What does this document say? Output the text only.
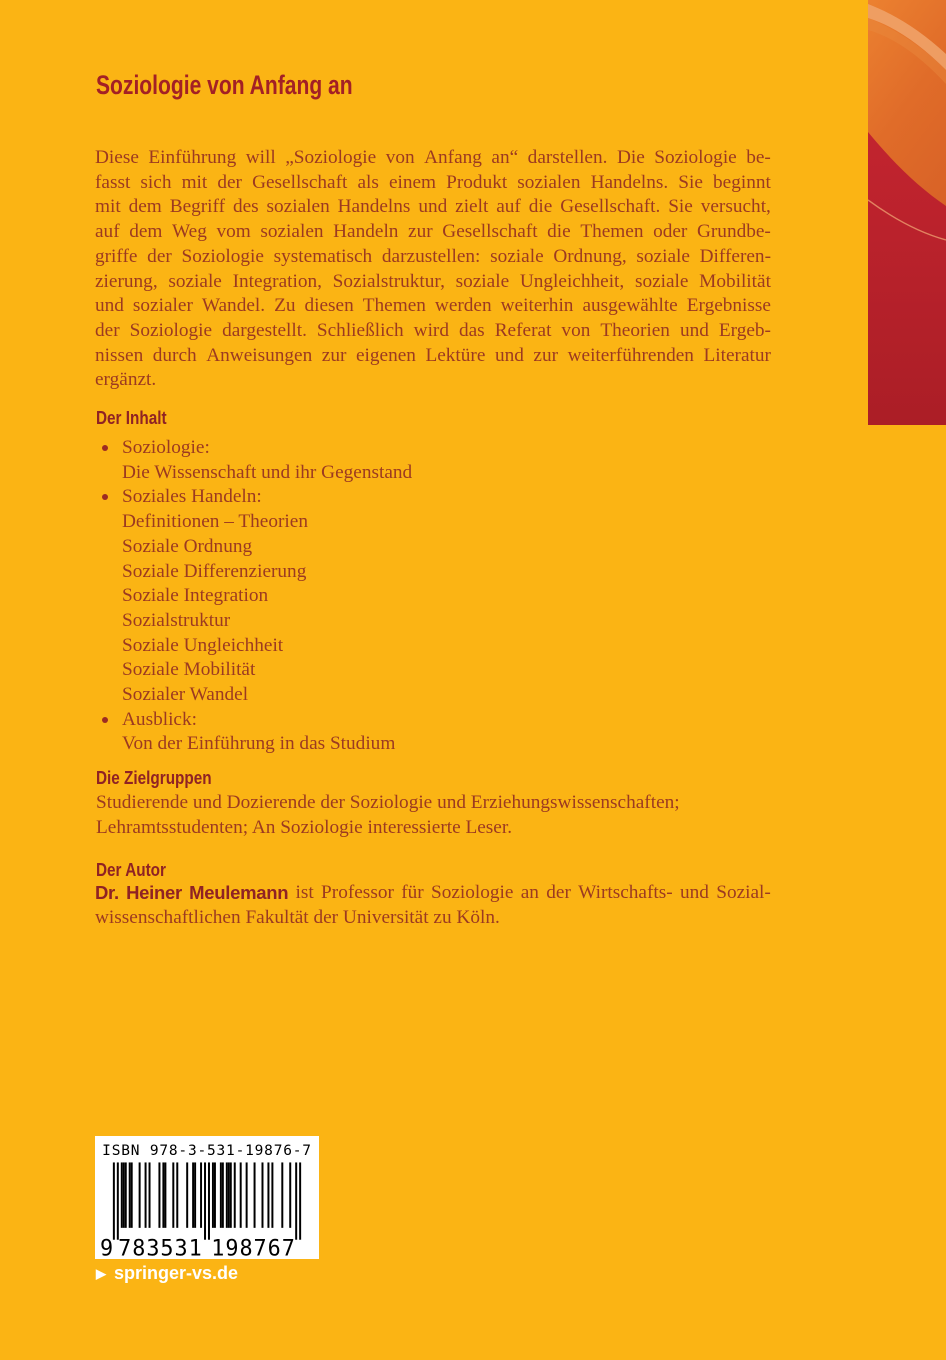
Soziologie von Anfang an
Diese Einführung will „Soziologie von Anfang an“ darstellen. Die Soziologie be-
fasst sich mit der Gesellschaft als einem Produkt sozialen Handelns. Sie beginnt
mit dem Begriff des sozialen Handelns und zielt auf die Gesellschaft. Sie versucht,
auf dem Weg vom sozialen Handeln zur Gesellschaft die Themen oder Grundbe-
griffe der Soziologie systematisch darzustellen: soziale Ordnung, soziale Differen-
zierung, soziale Integration, Sozialstruktur, soziale Ungleichheit, soziale Mobilität
und sozialer Wandel. Zu diesen Themen werden weiterhin ausgewählte Ergebnisse
der Soziologie dargestellt. Schließlich wird das Referat von Theorien und Ergeb-
nissen durch Anweisungen zur eigenen Lektüre und zur weiterführenden Literatur
ergänzt.
Der Inhalt
Soziologie:
Die Wissenschaft und ihr Gegenstand
Soziales Handeln:
Definitionen – Theorien
Soziale Ordnung
Soziale Differenzierung
Soziale Integration
Sozialstruktur
Soziale Ungleichheit
Soziale Mobilität
Sozialer Wandel
Ausblick:
Von der Einführung in das Studium
Die Zielgruppen
Studierende und Dozierende der Soziologie und Erziehungswissenschaften;
Lehramtsstudenten; An Soziologie interessierte Leser.
Der Autor
Dr. Heiner Meulemann ist Professor für Soziologie an der Wirtschafts- und Sozial-
wissenschaftlichen Fakultät der Universität zu Köln.
ISBN 978-3-531-19876-7
9 783531 198767
▶ springer-vs.de
